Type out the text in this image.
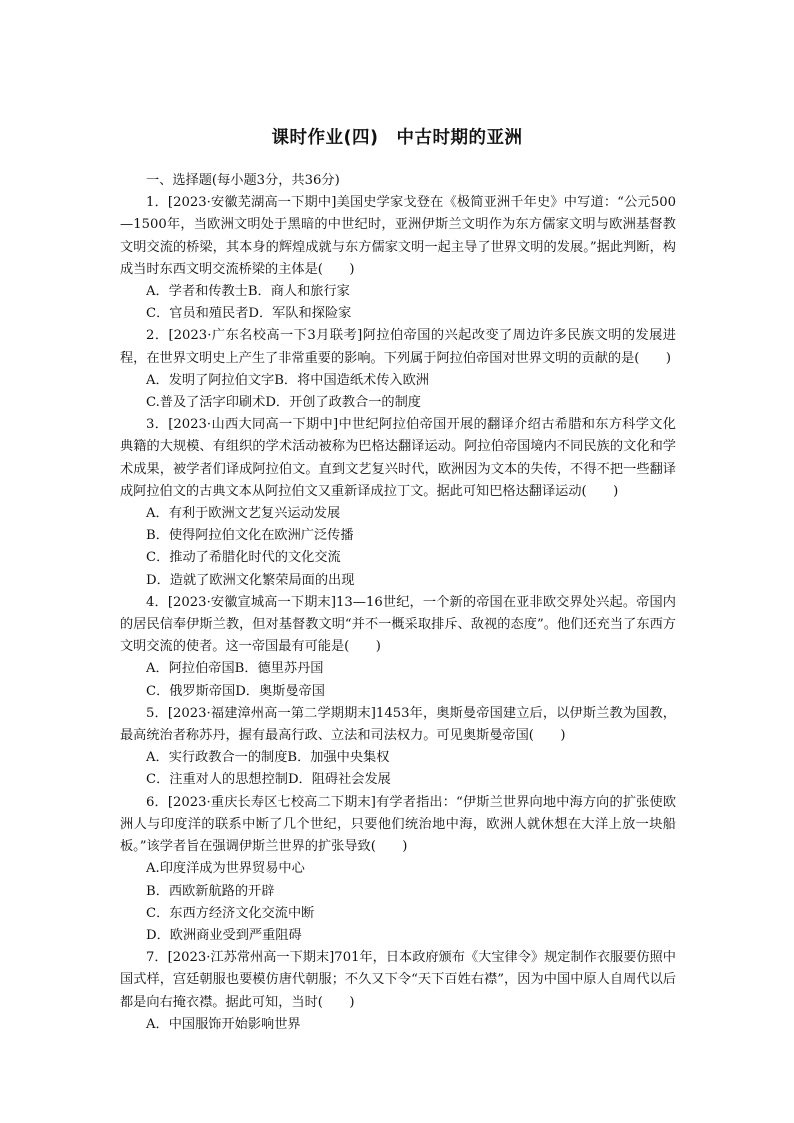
课时作业(四)　中古时期的亚洲

一、选择题(每小题3分，共36分)

1．[2023·安徽芜湖高一下期中]美国史学家戈登在《极简亚洲千年史》中写道：“公元500—1500年，当欧洲文明处于黑暗的中世纪时，亚洲伊斯兰文明作为东方儒家文明与欧洲基督教文明交流的桥梁，其本身的辉煌成就与东方儒家文明一起主导了世界文明的发展。”据此判断，构成当时东西文明交流桥梁的主体是(　　)

A．学者和传教士B．商人和旅行家

C．官员和殖民者D．军队和探险家

2．[2023·广东名校高一下3月联考]阿拉伯帝国的兴起改变了周边许多民族文明的发展进程，在世界文明史上产生了非常重要的影响。下列属于阿拉伯帝国对世界文明的贡献的是(　　)

A．发明了阿拉伯文字B．将中国造纸术传入欧洲

C.普及了活字印刷术D．开创了政教合一的制度

3．[2023·山西大同高一下期中]中世纪阿拉伯帝国开展的翻译介绍古希腊和东方科学文化典籍的大规模、有组织的学术活动被称为巴格达翻译运动。阿拉伯帝国境内不同民族的文化和学术成果，被学者们译成阿拉伯文。直到文艺复兴时代，欧洲因为文本的失传，不得不把一些翻译成阿拉伯文的古典文本从阿拉伯文又重新译成拉丁文。据此可知巴格达翻译运动(　　)

A．有利于欧洲文艺复兴运动发展

B．使得阿拉伯文化在欧洲广泛传播

C．推动了希腊化时代的文化交流

D．造就了欧洲文化繁荣局面的出现

4．[2023·安徽宣城高一下期末]13—16世纪，一个新的帝国在亚非欧交界处兴起。帝国内的居民信奉伊斯兰教，但对基督教文明“并不一概采取排斥、敌视的态度”。他们还充当了东西方文明交流的使者。这一帝国最有可能是(　　)

A．阿拉伯帝国B．德里苏丹国

C．俄罗斯帝国D．奥斯曼帝国

5．[2023·福建漳州高一第二学期期末]1453年，奥斯曼帝国建立后，以伊斯兰教为国教，最高统治者称苏丹，握有最高行政、立法和司法权力。可见奥斯曼帝国(　　)

A．实行政教合一的制度B．加强中央集权

C．注重对人的思想控制D．阻碍社会发展

6．[2023·重庆长寿区七校高二下期末]有学者指出：“伊斯兰世界向地中海方向的扩张使欧洲人与印度洋的联系中断了几个世纪，只要他们统治地中海，欧洲人就休想在大洋上放一块船板。”该学者旨在强调伊斯兰世界的扩张导致(　　)

A.印度洋成为世界贸易中心

B．西欧新航路的开辟

C．东西方经济文化交流中断

D．欧洲商业受到严重阻碍

7．[2023·江苏常州高一下期末]701年，日本政府颁布《大宝律令》规定制作衣服要仿照中国式样，宫廷朝服也要模仿唐代朝服；不久又下令“天下百姓右襟”，因为中国中原人自周代以后都是向右掩衣襟。据此可知，当时(　　)

A．中国服饰开始影响世界
